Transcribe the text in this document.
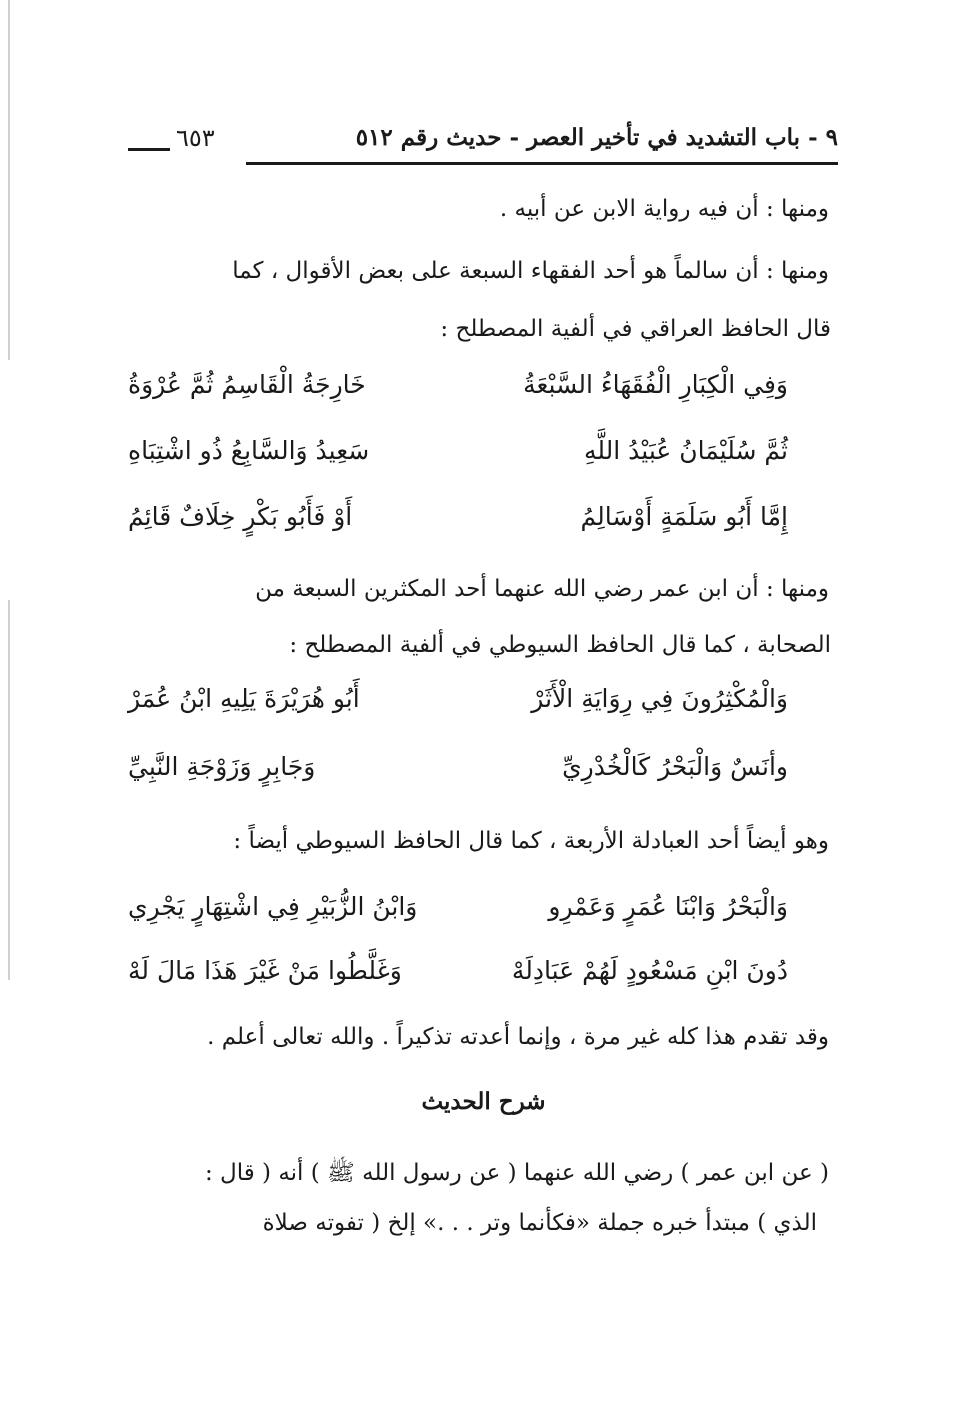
٩ - باب التشديد في تأخير العصر - حديث رقم ٥١٢
٦٥٣
ومنها : أن فيه رواية الابن عن أبيه .
ومنها : أن سالماً هو أحد الفقهاء السبعة على بعض الأقوال ، كما
قال الحافظ العراقي في ألفية المصطلح :
وَفِي الْكِبَارِ الْفُقَهَاءُ السَّبْعَةُ
خَارِجَةُ الْقَاسِمُ ثُمَّ عُرْوَةُ
ثُمَّ سُلَيْمَانُ عُبَيْدُ اللَّهِ
سَعِيدُ وَالسَّابِعُ ذُو اشْتِبَاهِ
إِمَّا أَبُو سَلَمَةٍ أَوْسَالِمُ
أَوْ فَأَبُو بَكْرٍ خِلَافٌ قَائِمُ
ومنها : أن ابن عمر رضي الله عنهما أحد المكثرين السبعة من
الصحابة ، كما قال الحافظ السيوطي في ألفية المصطلح :
وَالْمُكْثِرُونَ فِي رِوَايَةِ الْأَثَرْ
أَبُو هُرَيْرَةَ يَلِيهِ ابْنُ عُمَرْ
وأنَسٌ وَالْبَحْرُ كَالْخُدْرِيِّ
وَجَابِرٍ وَزَوْجَةِ النَّبِيِّ
وهو أيضاً أحد العبادلة الأربعة ، كما قال الحافظ السيوطي أيضاً :
وَالْبَحْرُ وَابْنَا عُمَرٍ وَعَمْرِو
وَابْنُ الزُّبَيْرِ فِي اشْتِهَارٍ يَجْرِي
دُونَ ابْنِ مَسْعُودٍ لَهُمْ عَبَادِلَهْ
وَغَلَّطُوا مَنْ غَيْرَ هَذَا مَالَ لَهْ
وقد تقدم هذا كله غير مرة ، وإنما أعدته تذكيراً . والله تعالى أعلم .
شرح الحديث
( عن ابن عمر ) رضي الله عنهما ( عن رسول الله ﷺ ) أنه ( قال :
الذي ) مبتدأ خبره جملة «فكأنما وتر . . .» إلخ ( تفوته صلاة
